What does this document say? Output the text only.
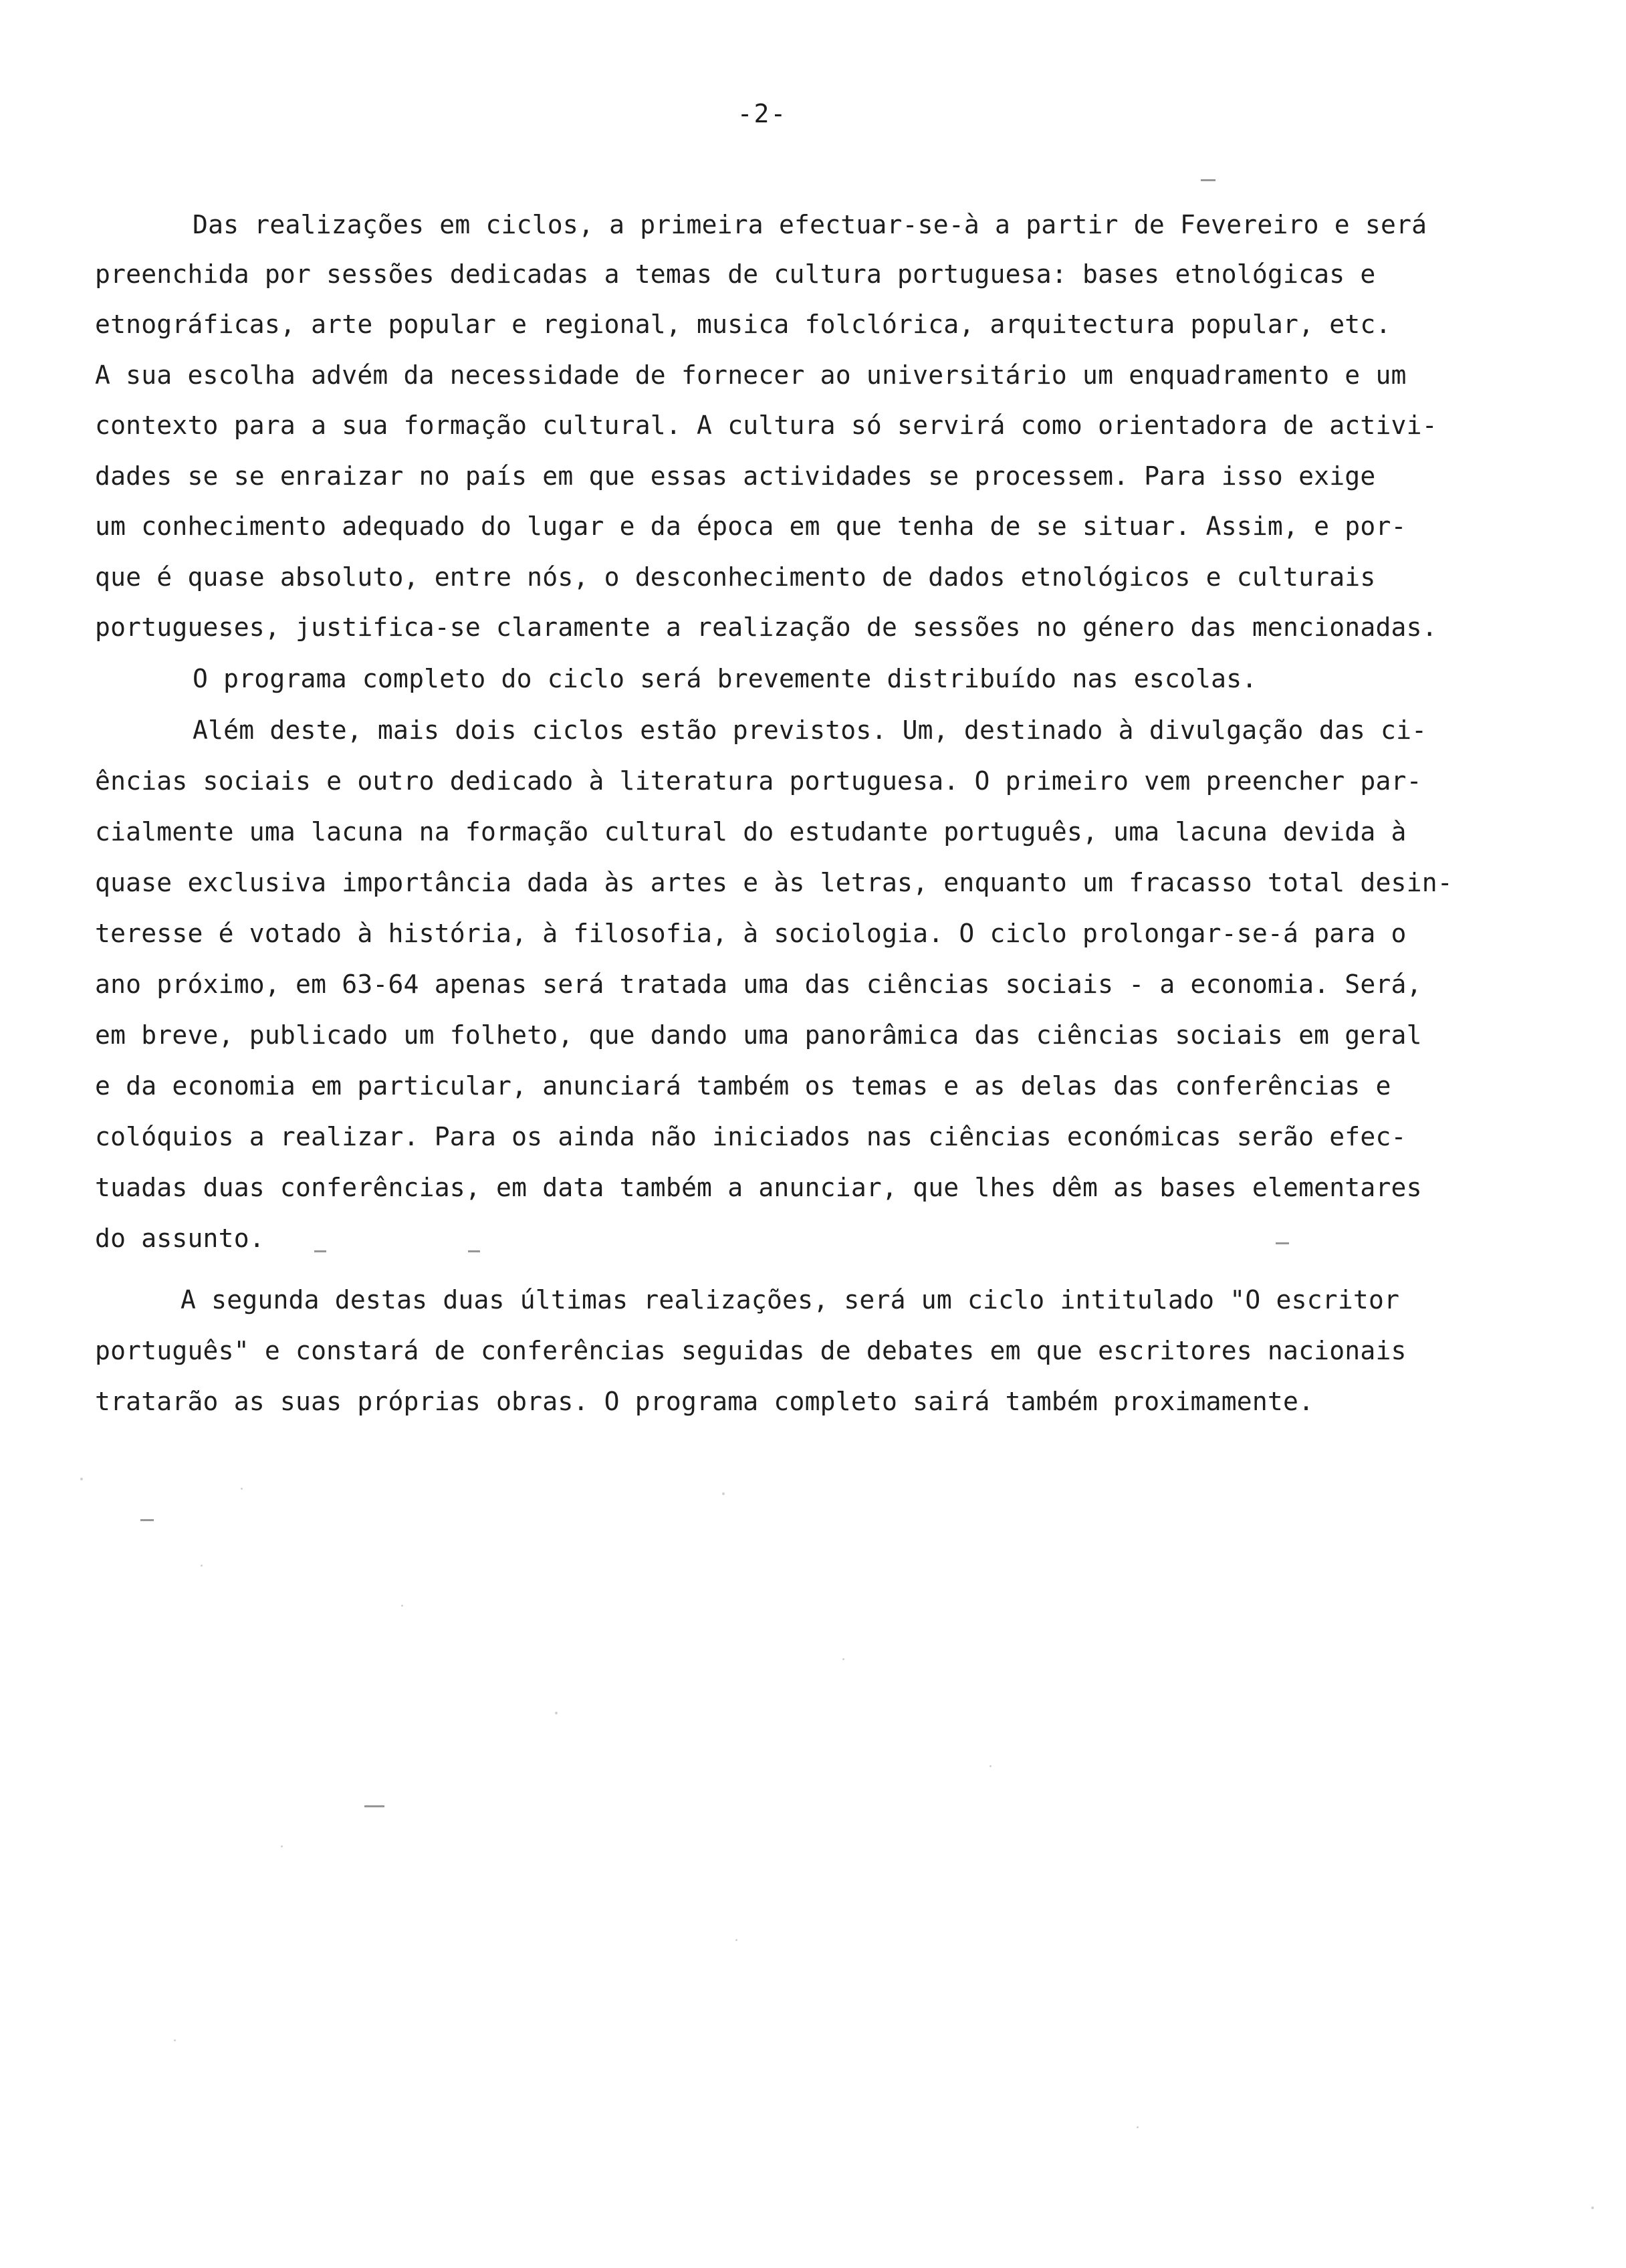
-2-
Das realizações em ciclos, a primeira efectuar-se-à a partir de Fevereiro e será
preenchida por sessões dedicadas a temas de cultura portuguesa: bases etnológicas e
etnográficas, arte popular e regional, musica folclórica, arquitectura popular, etc.
A sua escolha advém da necessidade de fornecer ao universitário um enquadramento e um
contexto para a sua formação cultural. A cultura só servirá como orientadora de activi-
dades se se enraizar no país em que essas actividades se processem. Para isso exige
um conhecimento adequado do lugar e da época em que tenha de se situar. Assim, e por-
que é quase absoluto, entre nós, o desconhecimento de dados etnológicos e culturais
portugueses, justifica-se claramente a realização de sessões no género das mencionadas.
O programa completo do ciclo será brevemente distribuído nas escolas.
Além deste, mais dois ciclos estão previstos. Um, destinado à divulgação das ci-
ências sociais e outro dedicado à literatura portuguesa. O primeiro vem preencher par-
cialmente uma lacuna na formação cultural do estudante português, uma lacuna devida à
quase exclusiva importância dada às artes e às letras, enquanto um fracasso total desin-
teresse é votado à história, à filosofia, à sociologia. O ciclo prolongar-se-á para o
ano próximo, em 63-64 apenas será tratada uma das ciências sociais - a economia. Será,
em breve, publicado um folheto, que dando uma panorâmica das ciências sociais em geral
e da economia em particular, anunciará também os temas e as delas das conferências e
colóquios a realizar. Para os ainda não iniciados nas ciências económicas serão efec-
tuadas duas conferências, em data também a anunciar, que lhes dêm as bases elementares
do assunto.
A segunda destas duas últimas realizações, será um ciclo intitulado "O escritor
português" e constará de conferências seguidas de debates em que escritores nacionais
tratarão as suas próprias obras. O programa completo sairá também proximamente.
